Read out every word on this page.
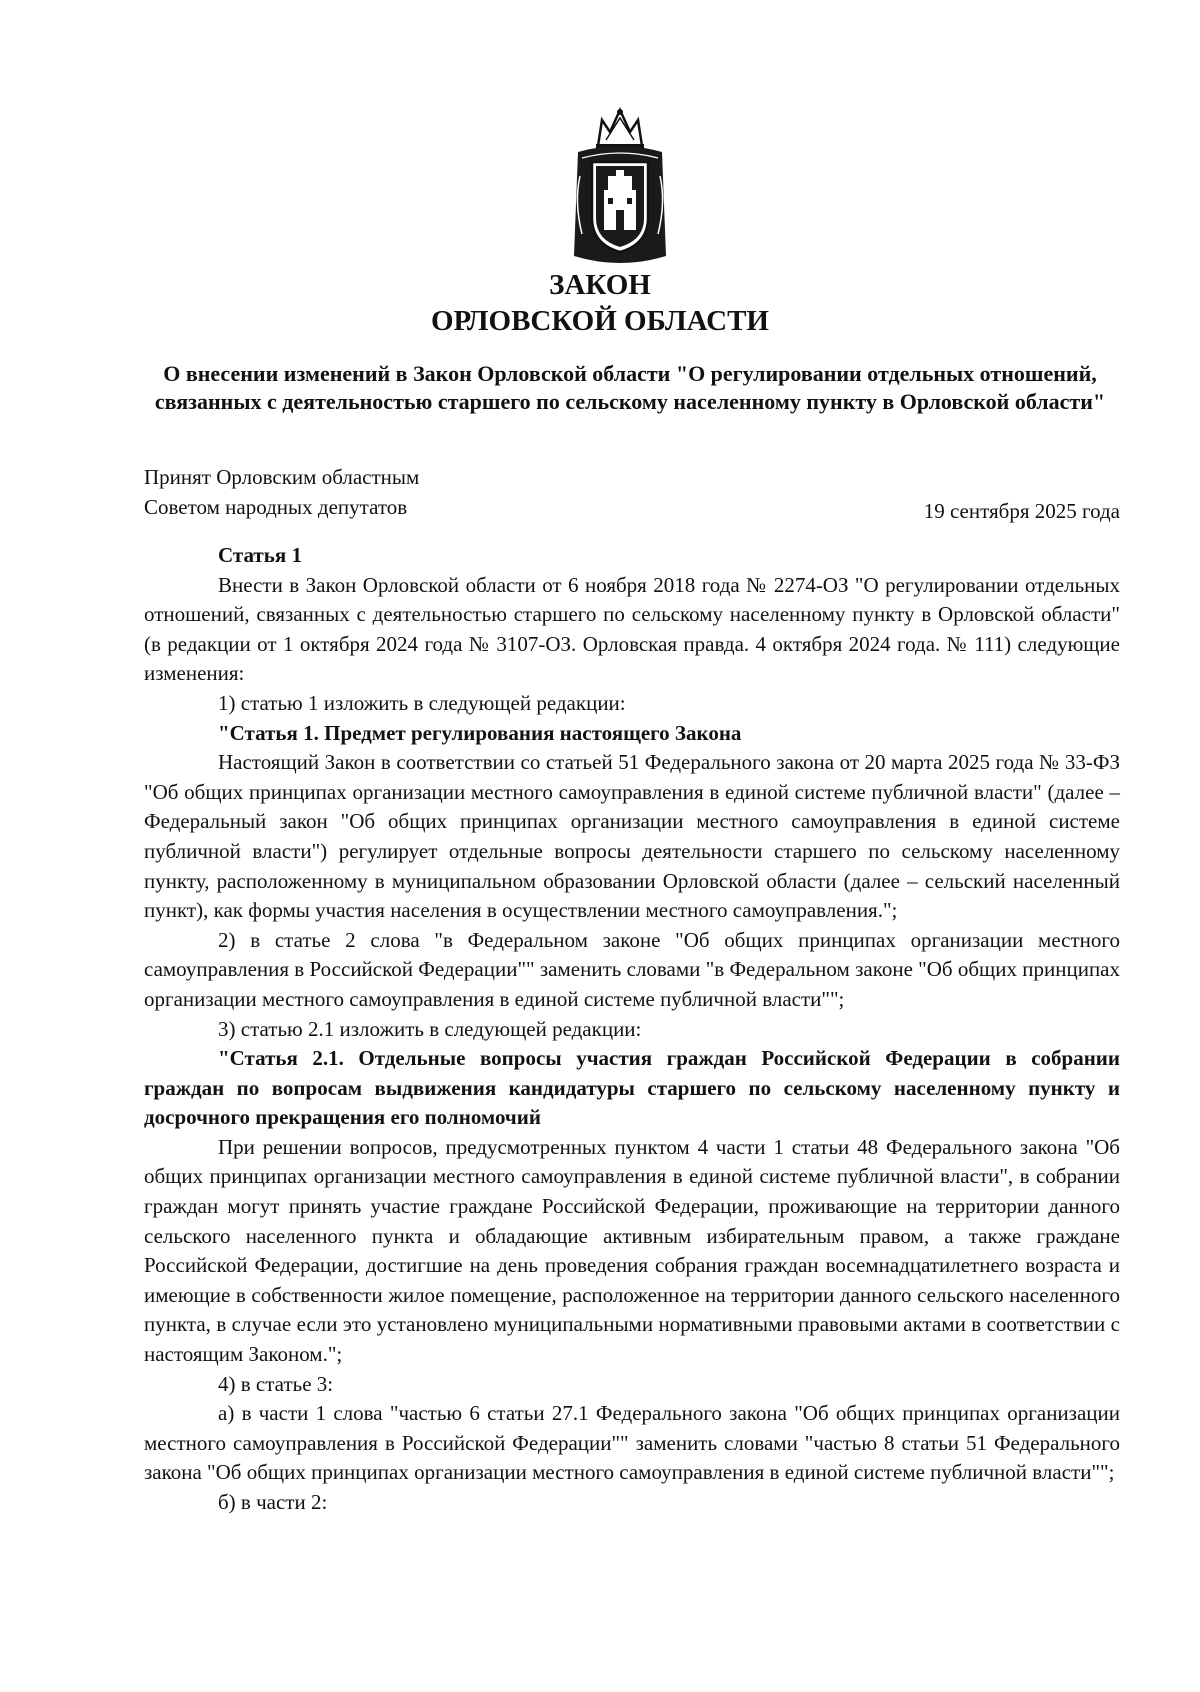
ЗАКОН
ОРЛОВСКОЙ ОБЛАСТИ
О внесении изменений в Закон Орловской области "О регулировании отдельных отношений, связанных с деятельностью старшего по сельскому населенному пункту в Орловской области"
Принят Орловским областным
Советом народных депутатов	19 сентября 2025 года

Статья 1

Внести в Закон Орловской области от 6 ноября 2018 года № 2274-ОЗ "О регулировании отдельных отношений, связанных с деятельностью старшего по сельскому населенному пункту в Орловской области" (в редакции от 1 октября 2024 года № 3107-ОЗ. Орловская правда. 4 октября 2024 года. № 111) следующие изменения:

1) статью 1 изложить в следующей редакции:

"Статья 1. Предмет регулирования настоящего Закона

Настоящий Закон в соответствии со статьей 51 Федерального закона от 20 марта 2025 года № 33-ФЗ "Об общих принципах организации местного самоуправления в единой системе публичной власти" (далее – Федеральный закон "Об общих принципах организации местного самоуправления в единой системе публичной власти") регулирует отдельные вопросы деятельности старшего по сельскому населенному пункту, расположенному в муниципальном образовании Орловской области (далее – сельский населенный пункт), как формы участия населения в осуществлении местного самоуправления.";

2) в статье 2 слова "в Федеральном законе "Об общих принципах организации местного самоуправления в Российской Федерации"" заменить словами "в Федеральном законе "Об общих принципах организации местного самоуправления в единой системе публичной власти"";

3) статью 2.1 изложить в следующей редакции:

"Статья 2.1. Отдельные вопросы участия граждан Российской Федерации в собрании граждан по вопросам выдвижения кандидатуры старшего по сельскому населенному пункту и досрочного прекращения его полномочий

При решении вопросов, предусмотренных пунктом 4 части 1 статьи 48 Федерального закона "Об общих принципах организации местного самоуправления в единой системе публичной власти", в собрании граждан могут принять участие граждане Российской Федерации, проживающие на территории данного сельского населенного пункта и обладающие активным избирательным правом, а также граждане Российской Федерации, достигшие на день проведения собрания граждан восемнадцатилетнего возраста и имеющие в собственности жилое помещение, расположенное на территории данного сельского населенного пункта, в случае если это установлено муниципальными нормативными правовыми актами в соответствии с настоящим Законом.";

4) в статье 3:

а) в части 1 слова "частью 6 статьи 27.1 Федерального закона "Об общих принципах организации местного самоуправления в Российской Федерации"" заменить словами "частью 8 статьи 51 Федерального закона "Об общих принципах организации местного самоуправления в единой системе публичной власти"";

б) в части 2:
